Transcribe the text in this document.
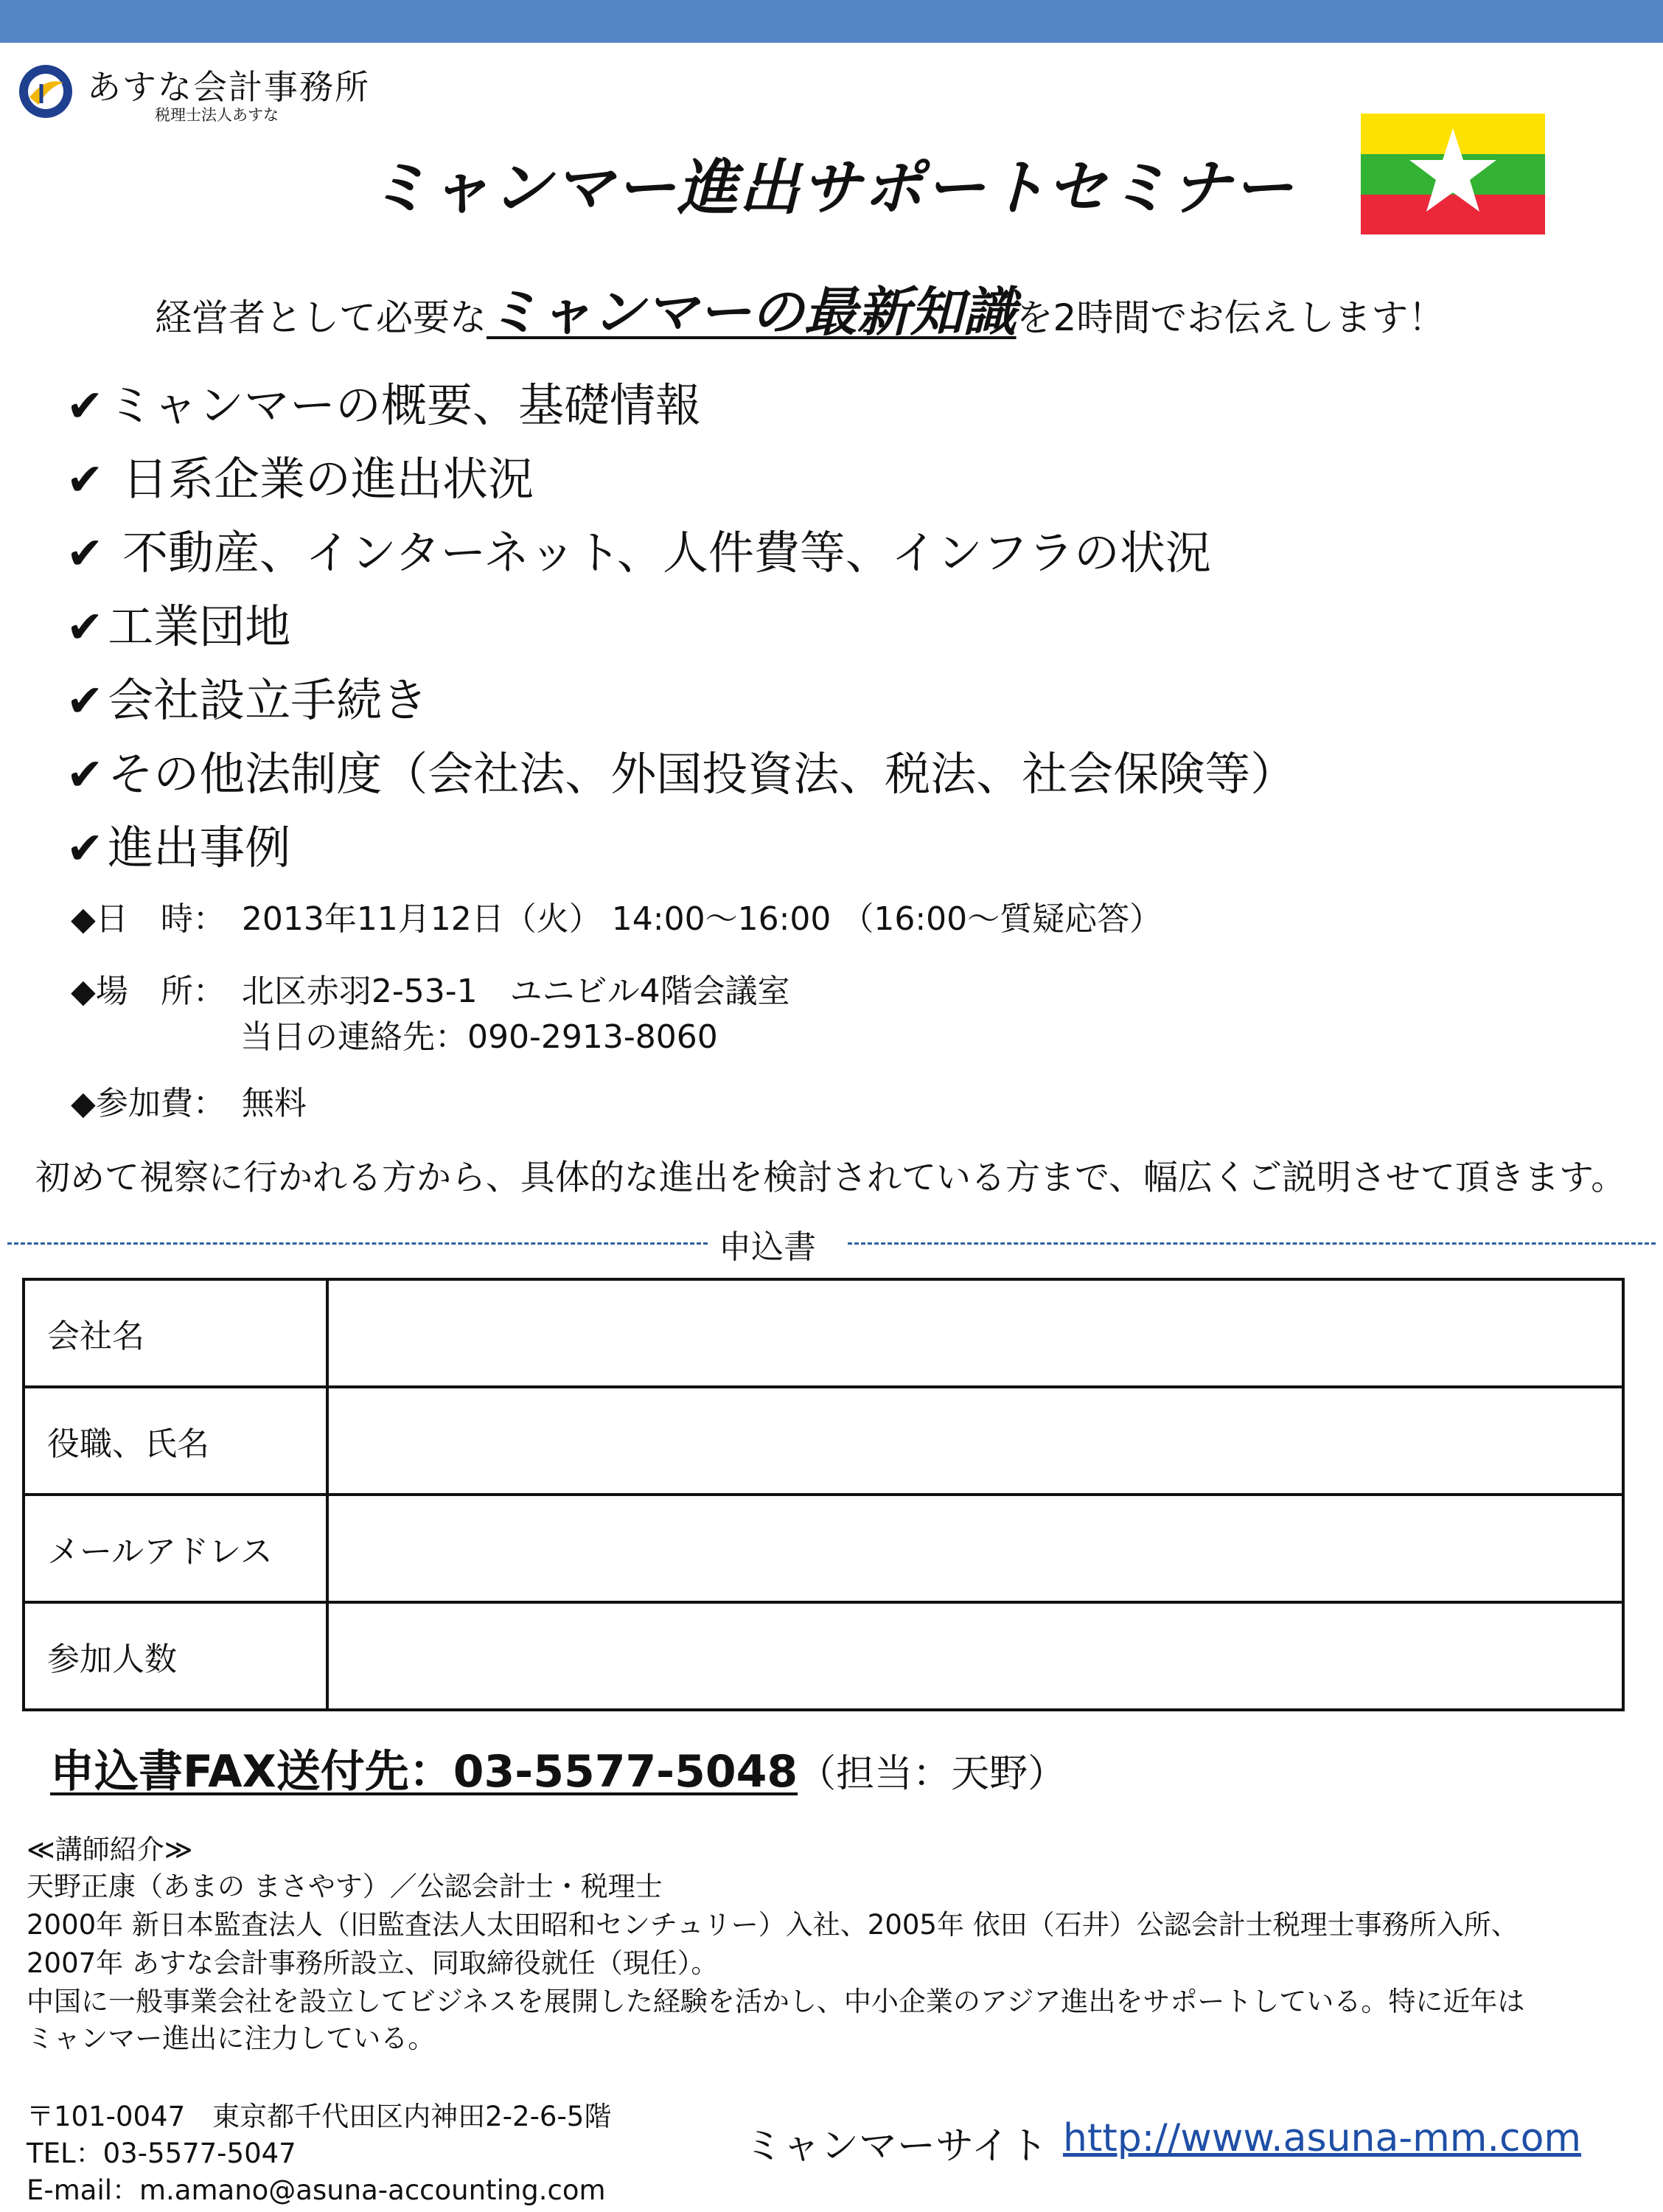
あすな会計事務所
税理士法人あすな
ミャンマー進出サポートセミナー
経営者として必要なミャンマーの最新知識を2時間でお伝えします！
✔ミャンマーの概要、基礎情報
✔ 日系企業の進出状況
✔ 不動産、インターネット、人件費等、インフラの状況
✔工業団地
✔会社設立手続き
✔その他法制度（会社法、外国投資法、税法、社会保険等）
✔進出事例
◆日　時：　2013年11月12日（火） 14:00～16:00 （16:00～質疑応答）
◆場　所：　北区赤羽2-53-1　ユニビル4階会議室
当日の連絡先：090-2913-8060
◆参加費：　無料
初めて視察に行かれる方から、具体的な進出を検討されている方まで、幅広くご説明させて頂きます。
申込書
会社名	
役職、氏名	
メールアドレス	
参加人数	
申込書FAX送付先：03-5577-5048（担当：天野）
≪講師紹介≫
天野正康（あまの まさやす）／公認会計士・税理士
2000年 新日本監査法人（旧監査法人太田昭和センチュリー）入社、2005年 依田（石井）公認会計士税理士事務所入所、
2007年 あすな会計事務所設立、同取締役就任（現任）。
中国に一般事業会社を設立してビジネスを展開した経験を活かし、中小企業のアジア進出をサポートしている。特に近年は
ミャンマー進出に注力している。
〒101-0047　東京都千代田区内神田2-2-6-5階
TEL：03-5577-5047
E-mail：m.amano@asuna-accounting.com
ミャンマーサイト http://www.asuna-mm.com
